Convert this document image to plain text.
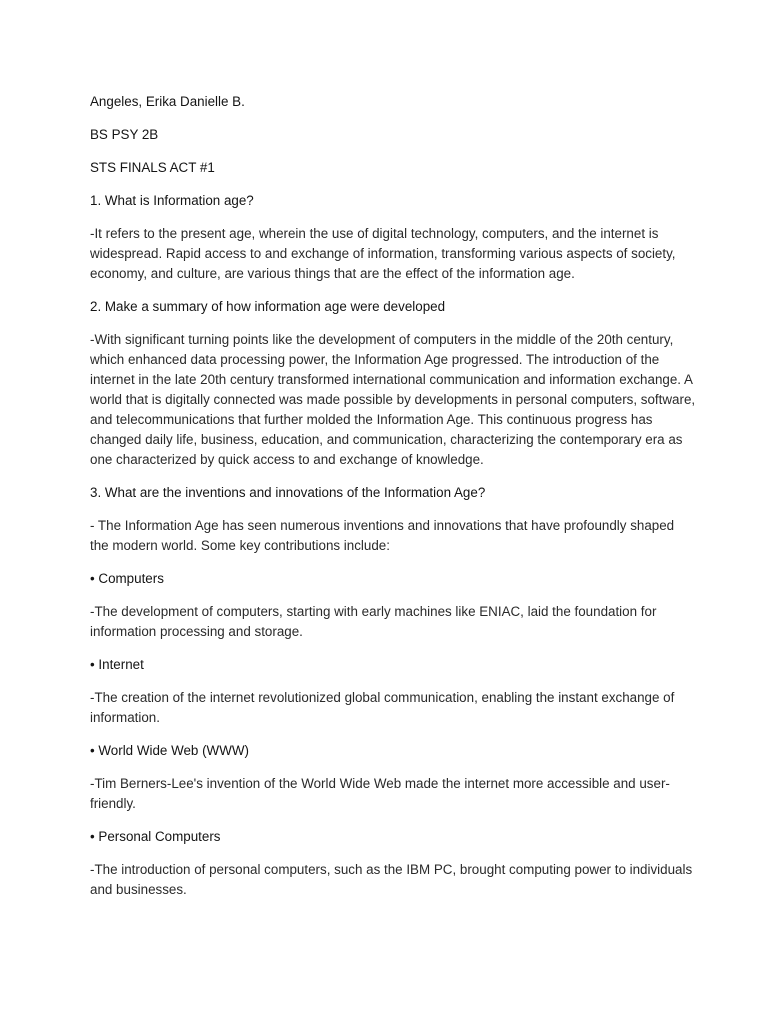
Angeles, Erika Danielle B.

BS PSY 2B

STS FINALS ACT #1

1. What is Information age?

-It refers to the present age, wherein the use of digital technology, computers, and the internet is widespread. Rapid access to and exchange of information, transforming various aspects of society, economy, and culture, are various things that are the effect of the information age.

2. Make a summary of how information age were developed

-With significant turning points like the development of computers in the middle of the 20th century, which enhanced data processing power, the Information Age progressed. The introduction of the internet in the late 20th century transformed international communication and information exchange. A world that is digitally connected was made possible by developments in personal computers, software, and telecommunications that further molded the Information Age. This continuous progress has changed daily life, business, education, and communication, characterizing the contemporary era as one characterized by quick access to and exchange of knowledge.

3. What are the inventions and innovations of the Information Age?

- The Information Age has seen numerous inventions and innovations that have profoundly shaped the modern world. Some key contributions include:

• Computers

-The development of computers, starting with early machines like ENIAC, laid the foundation for information processing and storage.

• Internet

-The creation of the internet revolutionized global communication, enabling the instant exchange of information.

• World Wide Web (WWW)

-Tim Berners-Lee's invention of the World Wide Web made the internet more accessible and user-friendly.

• Personal Computers

-The introduction of personal computers, such as the IBM PC, brought computing power to individuals and businesses.
